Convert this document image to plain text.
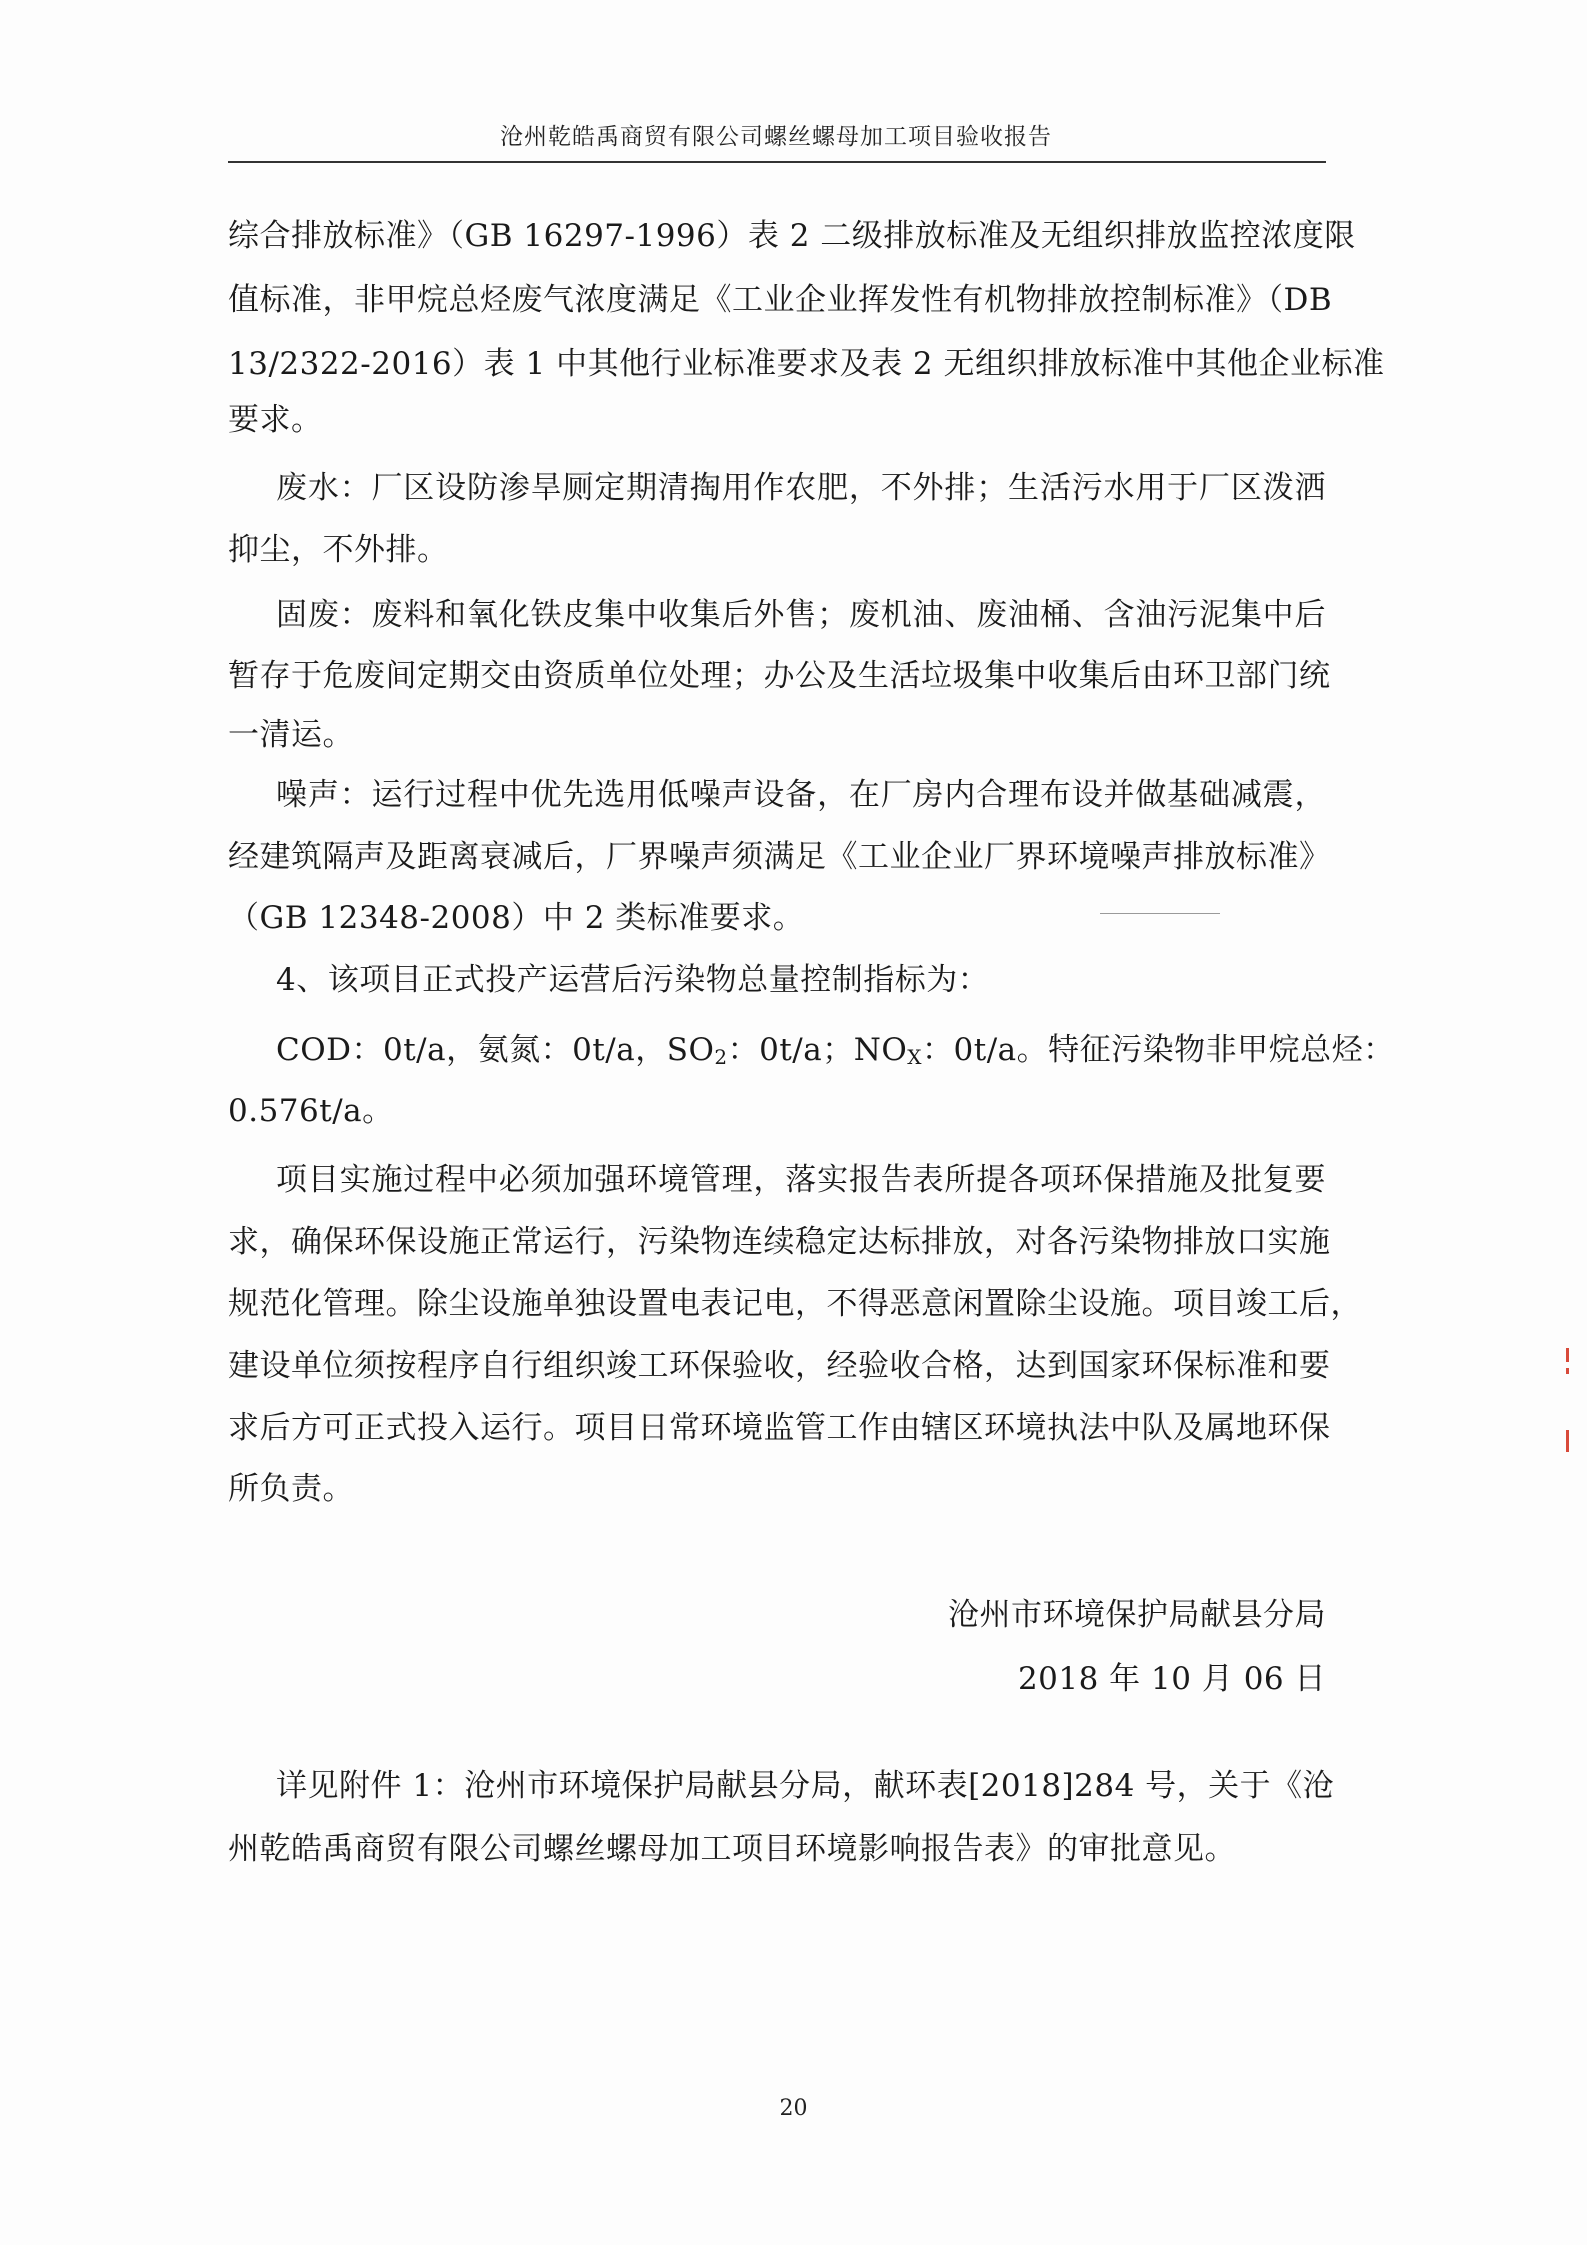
沧州乾皓禹商贸有限公司螺丝螺母加工项目验收报告
综合排放标准》（GB 16297-1996）表 2 二级排放标准及无组织排放监控浓度限
值标准，非甲烷总烃废气浓度满足《工业企业挥发性有机物排放控制标准》（DB
13/2322-2016）表 1 中其他行业标准要求及表 2 无组织排放标准中其他企业标准
要求。
废水：厂区设防渗旱厕定期清掏用作农肥，不外排；生活污水用于厂区泼洒
抑尘，不外排。
固废：废料和氧化铁皮集中收集后外售；废机油、废油桶、含油污泥集中后
暂存于危废间定期交由资质单位处理；办公及生活垃圾集中收集后由环卫部门统
一清运。
噪声：运行过程中优先选用低噪声设备，在厂房内合理布设并做基础减震，
经建筑隔声及距离衰减后，厂界噪声须满足《工业企业厂界环境噪声排放标准》
（GB 12348-2008）中 2 类标准要求。
4、该项目正式投产运营后污染物总量控制指标为：
COD：0t/a，氨氮：0t/a，$SO_2$：0t/a；$NO_X$：0t/a。特征污染物非甲烷总烃：
0.576t/a。
项目实施过程中必须加强环境管理，落实报告表所提各项环保措施及批复要
求，确保环保设施正常运行，污染物连续稳定达标排放，对各污染物排放口实施
规范化管理。除尘设施单独设置电表记电，不得恶意闲置除尘设施。项目竣工后，
建设单位须按程序自行组织竣工环保验收，经验收合格，达到国家环保标准和要
求后方可正式投入运行。项目日常环境监管工作由辖区环境执法中队及属地环保
所负责。
沧州市环境保护局献县分局
2018 年 10 月 06 日
详见附件 1：沧州市环境保护局献县分局，献环表[2018]284 号，关于《沧
州乾皓禹商贸有限公司螺丝螺母加工项目环境影响报告表》的审批意见。
20
